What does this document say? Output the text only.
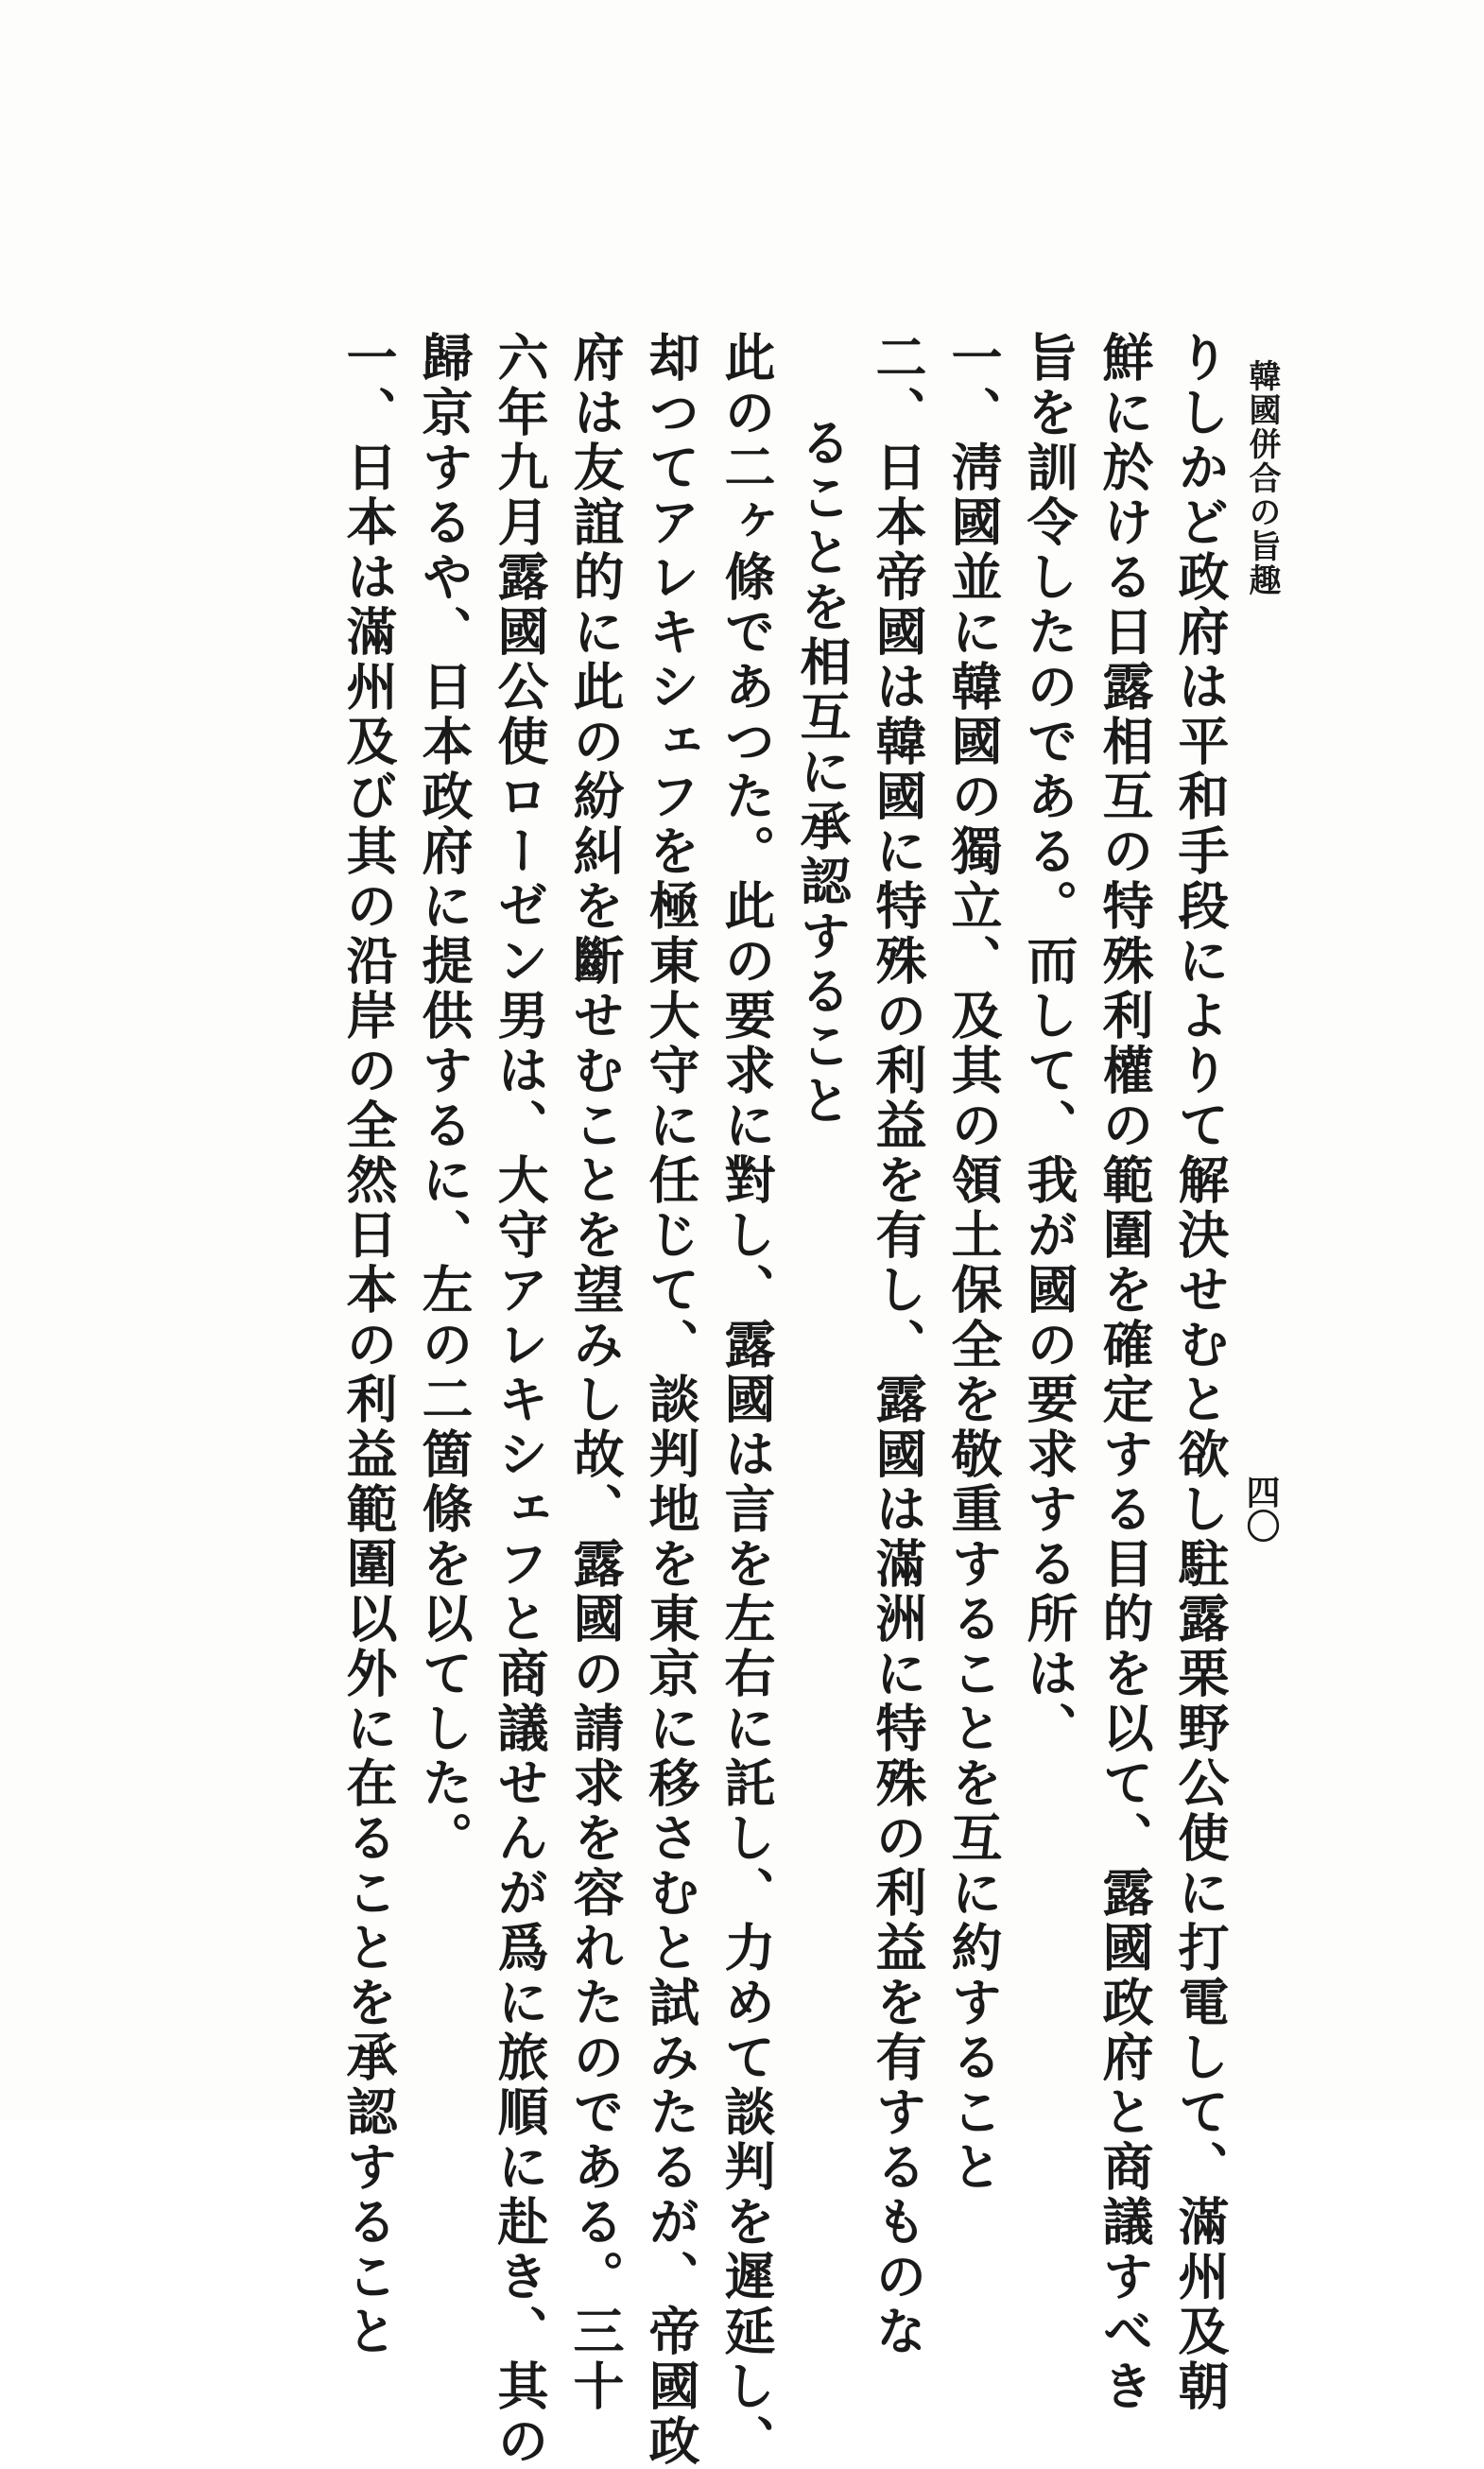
韓國併合の旨趣
四〇
りしかど政府は平和手段によりて解決せむと欲し駐露栗野公使に打電して、滿州及朝
鮮に於ける日露相互の特殊利權の範圍を確定する目的を以て、露國政府と商議すべき
旨を訓令したのである。而して、我が國の要求する所は、
一、淸國並に韓國の獨立、及其の領土保全を敬重することを互に約すること
二、日本帝國は韓國に特殊の利益を有し、露國は滿洲に特殊の利益を有するものな
ることを相互に承認すること
此の二ヶ條であつた。此の要求に對し、露國は言を左右に託し、力めて談判を遲延し、
却つてアレキシェフを極東大守に任じて、談判地を東京に移さむと試みたるが、帝國政
府は友誼的に此の紛糾を斷せむことを望みし故、露國の請求を容れたのである。三十
六年九月露國公使ローゼン男は、大守アレキシェフと商議せんが爲に旅順に赴き、其の
歸京するや、日本政府に提供するに、左の二箇條を以てした。
一、日本は滿州及び其の沿岸の全然日本の利益範圍以外に在ることを承認すること
